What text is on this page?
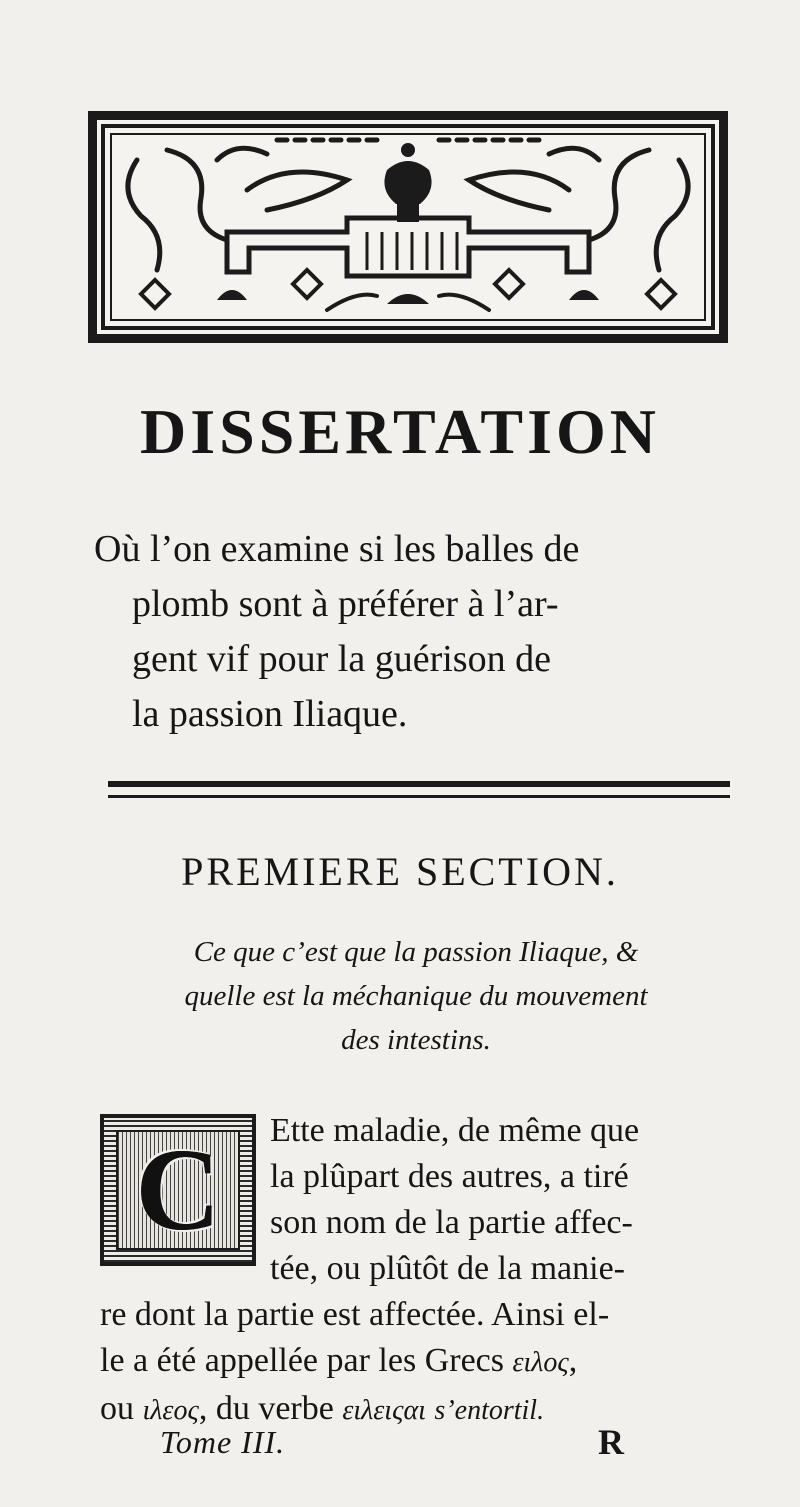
DISSERTATION
Où l’on examine si les balles de
plomb sont à préférer à l’ar-
gent vif pour la guérison de
la passion Iliaque.
PREMIERE SECTION.
Ce que c’est que la passion Iliaque, &
quelle est la méchanique du mouvement
des intestins.
C Ette maladie, de même que
la plûpart des autres, a tiré
son nom de la partie affec-
tée, ou plûtôt de la manie-
re dont la partie est affectée. Ainsi el-
le a été appellée par les Grecs ειλος,
ou ιλεος, du verbe ειλειςαι s’entortil.
Tome III.	R
